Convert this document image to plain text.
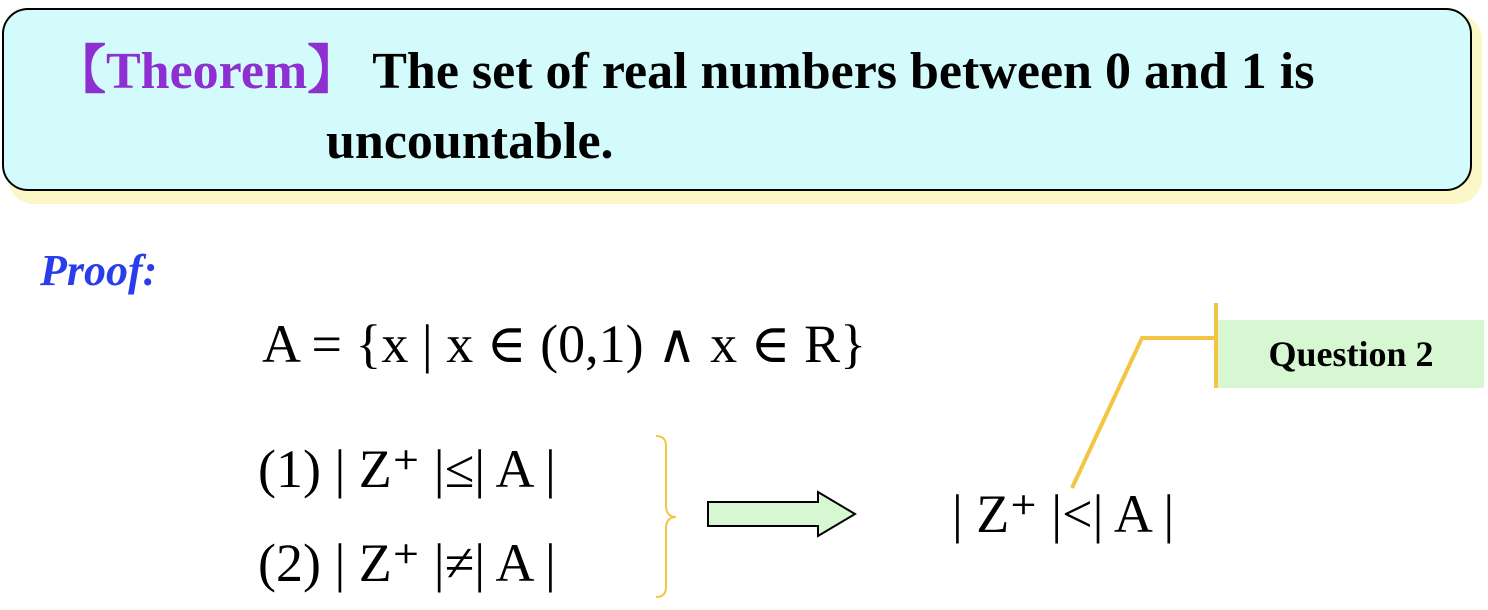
【Theorem】 The set of real numbers between 0 and 1 is
uncountable.
Proof:
A = {x | x ∈ (0,1) ∧ x ∈ R}
(1) | Z⁺ |≤| A |
(2) | Z⁺ |≠| A |
| Z⁺ |<| A |
Question 2
